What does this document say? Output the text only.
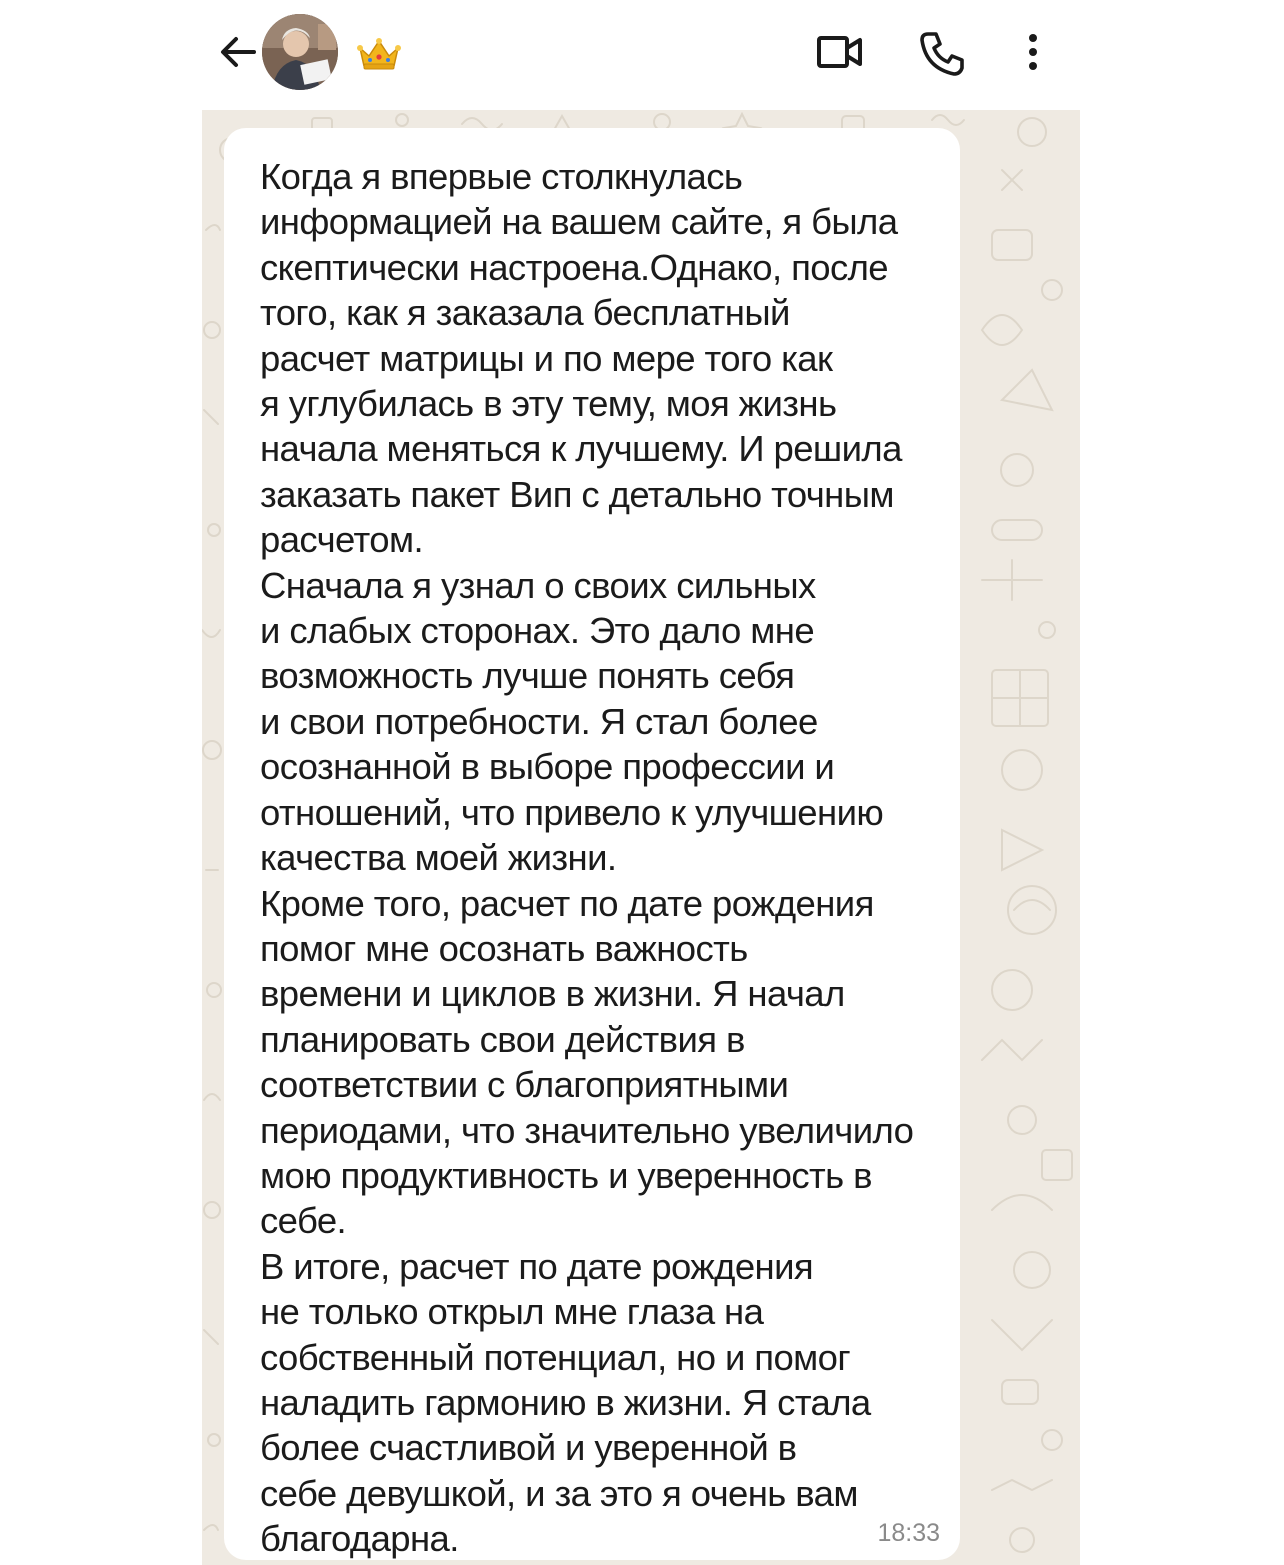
Когда я впервые столкнулась
информацией на вашем сайте, я была
скептически настроена.Однако, после
того, как я заказала бесплатный
расчет матрицы и по мере того как
я углубилась в эту тему, моя жизнь
начала меняться к лучшему. И решила
заказать пакет Вип с детально точным
расчетом.
Сначала я узнал о своих сильных
и слабых сторонах. Это дало мне
возможность лучше понять себя
и свои потребности. Я стал более
осознанной в выборе профессии и
отношений, что привело к улучшению
качества моей жизни.
Кроме того, расчет по дате рождения
помог мне осознать важность
времени и циклов в жизни. Я начал
планировать свои действия в
соответствии с благоприятными
периодами, что значительно увеличило
мою продуктивность и уверенность в
себе.
В итоге, расчет по дате рождения
не только открыл мне глаза на
собственный потенциал, но и помог
наладить гармонию в жизни. Я стала
более счастливой и уверенной в
себе девушкой, и за это я очень вам
благодарна.	18:33
